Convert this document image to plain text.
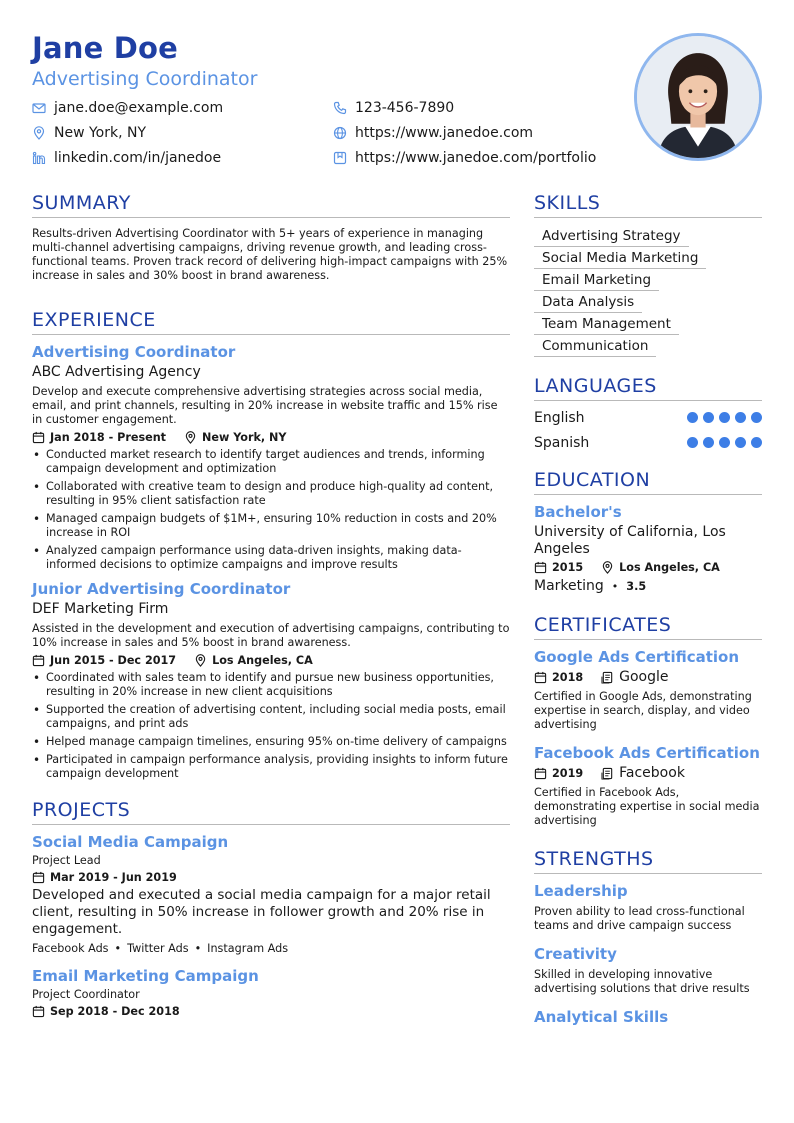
Jane Doe
Advertising Coordinator
jane.doe@example.com	123-456-7890
New York, NY	https://www.janedoe.com
linkedin.com/in/janedoe	https://www.janedoe.com/portfolio
SUMMARY
Results-driven Advertising Coordinator with 5+ years of experience in managing multi-channel advertising campaigns, driving revenue growth, and leading cross-functional teams. Proven track record of delivering high-impact campaigns with 25% increase in sales and 30% boost in brand awareness.
EXPERIENCE
Advertising Coordinator
ABC Advertising Agency
Develop and execute comprehensive advertising strategies across social media, email, and print channels, resulting in 20% increase in website traffic and 15% rise in customer engagement.
Jan 2018 - Present	New York, NY
• Conducted market research to identify target audiences and trends, informing campaign development and optimization
• Collaborated with creative team to design and produce high-quality ad content, resulting in 95% client satisfaction rate
• Managed campaign budgets of $1M+, ensuring 10% reduction in costs and 20% increase in ROI
• Analyzed campaign performance using data-driven insights, making data-informed decisions to optimize campaigns and improve results
Junior Advertising Coordinator
DEF Marketing Firm
Assisted in the development and execution of advertising campaigns, contributing to 10% increase in sales and 5% boost in brand awareness.
Jun 2015 - Dec 2017	Los Angeles, CA
• Coordinated with sales team to identify and pursue new business opportunities, resulting in 20% increase in new client acquisitions
• Supported the creation of advertising content, including social media posts, email campaigns, and print ads
• Helped manage campaign timelines, ensuring 95% on-time delivery of campaigns
• Participated in campaign performance analysis, providing insights to inform future campaign development
PROJECTS
Social Media Campaign
Project Lead
Mar 2019 - Jun 2019
Developed and executed a social media campaign for a major retail client, resulting in 50% increase in follower growth and 20% rise in engagement.
Facebook Ads • Twitter Ads • Instagram Ads
Email Marketing Campaign
Project Coordinator
Sep 2018 - Dec 2018
SKILLS
Advertising Strategy
Social Media Marketing
Email Marketing
Data Analysis
Team Management
Communication
LANGUAGES
English
Spanish
EDUCATION
Bachelor's
University of California, Los Angeles
2015	Los Angeles, CA
Marketing • 3.5
CERTIFICATES
Google Ads Certification
2018	Google
Certified in Google Ads, demonstrating expertise in search, display, and video advertising
Facebook Ads Certification
2019	Facebook
Certified in Facebook Ads, demonstrating expertise in social media advertising
STRENGTHS
Leadership
Proven ability to lead cross-functional teams and drive campaign success
Creativity
Skilled in developing innovative advertising solutions that drive results
Analytical Skills
